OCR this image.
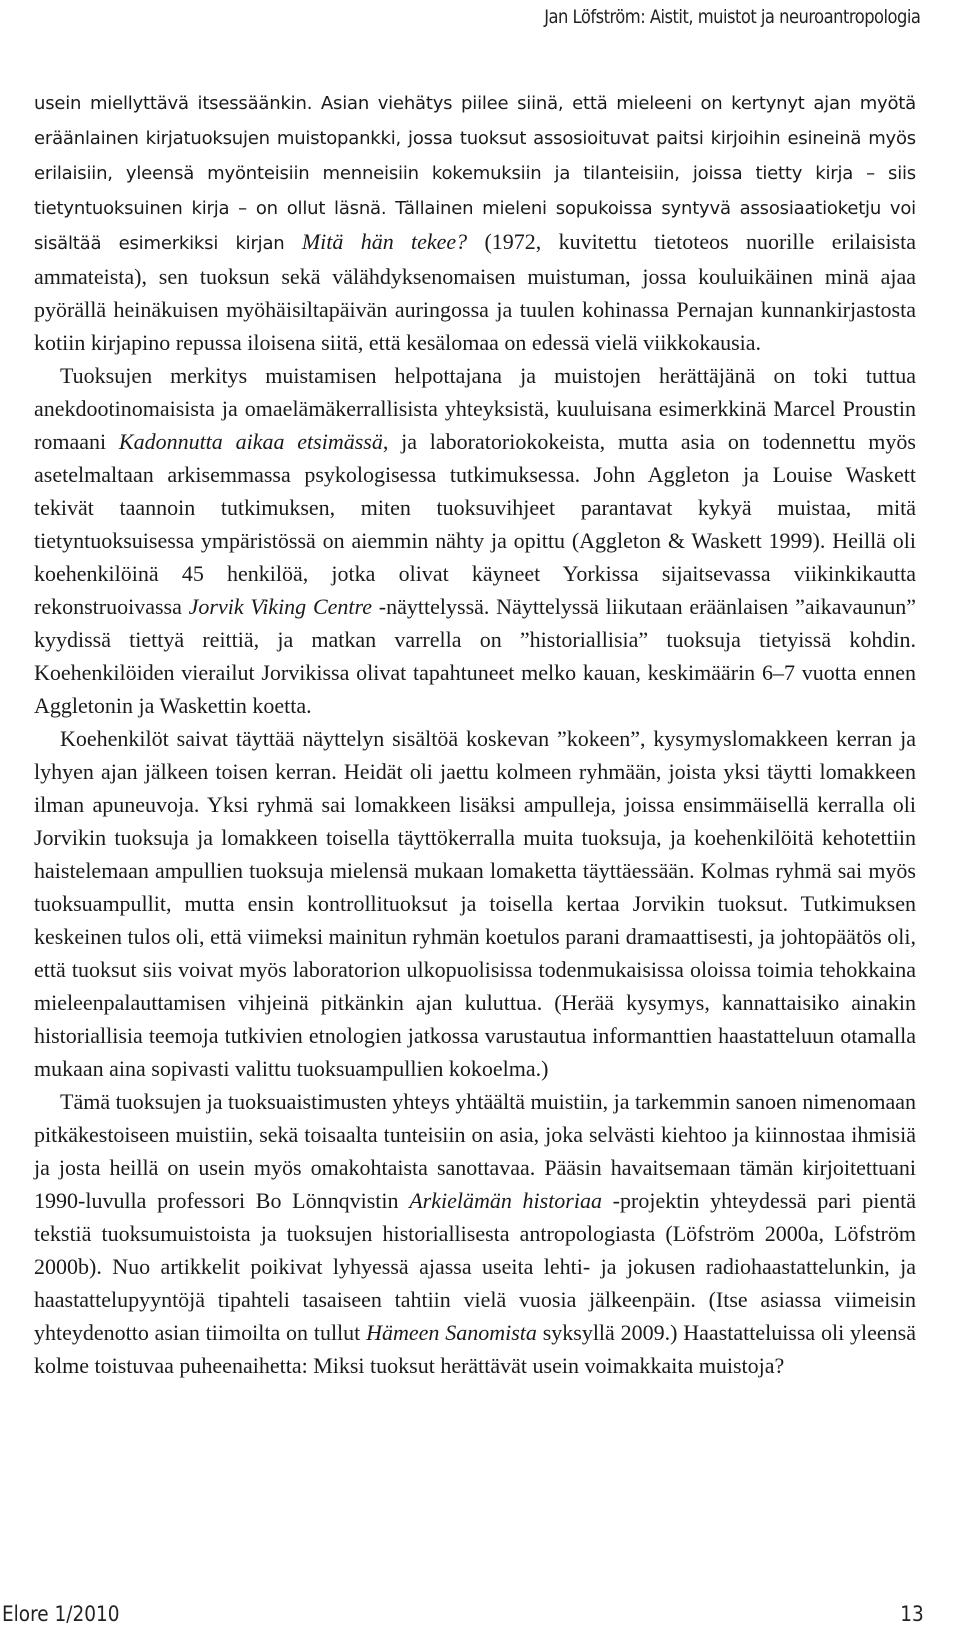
Jan Löfström: Aistit, muistot ja neuroantropologia

usein miellyttävä itsessäänkin. Asian viehätys piilee siinä, että mieleeni on kertynyt ajan myötä eräänlainen kirjatuoksujen muistopankki, jossa tuoksut assosioituvat paitsi kirjoihin esineinä myös erilaisiin, yleensä myönteisiin menneisiin kokemuksiin ja tilanteisiin, joissa tietty kirja – siis tietyntuoksuinen kirja – on ollut läsnä. Tällainen mieleni sopukoissa syntyvä assosiaatioketju voi sisältää esimerkiksi kirjan Mitä hän tekee? (1972, kuvitettu tietoteos nuorille erilaisista ammateista), sen tuoksun sekä välähdyksenomaisen muistuman, jossa kouluikäinen minä ajaa pyörällä heinäkuisen myöhäisiltapäivän auringossa ja tuulen kohinassa Pernajan kunnankirjastosta kotiin kirjapino repussa iloisena siitä, että kesälomaa on edessä vielä viikkokausia.

Tuoksujen merkitys muistamisen helpottajana ja muistojen herättäjänä on toki tuttua anekdootinomaisista ja omaelämäkerrallisista yhteyksistä, kuuluisana esimerkkinä Marcel Proustin romaani Kadonnutta aikaa etsimässä, ja laboratoriokokeista, mutta asia on todennettu myös asetelmaltaan arkisemmassa psykologisessa tutkimuksessa. John Aggleton ja Louise Waskett tekivät taannoin tutkimuksen, miten tuoksuvihjeet parantavat kykyä muistaa, mitä tietyntuoksuisessa ympäristössä on aiemmin nähty ja opittu (Aggleton & Waskett 1999). Heillä oli koehenkilöinä 45 henkilöä, jotka olivat käyneet Yorkissa sijaitsevassa viikinkikautta rekonstruoivassa Jorvik Viking Centre -näyttelyssä. Näyttelyssä liikutaan eräänlaisen ”aikavaunun” kyydissä tiettyä reittiä, ja matkan varrella on ”historiallisia” tuoksuja tietyissä kohdin. Koehenkilöiden vierailut Jorvikissa olivat tapahtuneet melko kauan, keskimäärin 6–7 vuotta ennen Aggletonin ja Waskettin koetta.

Koehenkilöt saivat täyttää näyttelyn sisältöä koskevan ”kokeen”, kysymyslomakkeen kerran ja lyhyen ajan jälkeen toisen kerran. Heidät oli jaettu kolmeen ryhmään, joista yksi täytti lomakkeen ilman apuneuvoja. Yksi ryhmä sai lomakkeen lisäksi ampulleja, joissa ensimmäisellä kerralla oli Jorvikin tuoksuja ja lomakkeen toisella täyttökerralla muita tuoksuja, ja koehenkilöitä kehotettiin haistelemaan ampullien tuoksuja mielensä mukaan lomaketta täyttäessään. Kolmas ryhmä sai myös tuoksuampullit, mutta ensin kontrollituoksut ja toisella kertaa Jorvikin tuoksut. Tutkimuksen keskeinen tulos oli, että viimeksi mainitun ryhmän koetulos parani dramaattisesti, ja johtopäätös oli, että tuoksut siis voivat myös laboratorion ulkopuolisissa todenmukaisissa oloissa toimia tehokkaina mieleenpalauttamisen vihjeinä pitkänkin ajan kuluttua. (Herää kysymys, kannattaisiko ainakin historiallisia teemoja tutkivien etnologien jatkossa varustautua informanttien haastatteluun otamalla mukaan aina sopivasti valittu tuoksuampullien kokoelma.)

Tämä tuoksujen ja tuoksuaistimusten yhteys yhtäältä muistiin, ja tarkemmin sanoen nimenomaan pitkäkestoiseen muistiin, sekä toisaalta tunteisiin on asia, joka selvästi kiehtoo ja kiinnostaa ihmisiä ja josta heillä on usein myös omakohtaista sanottavaa. Pääsin havaitsemaan tämän kirjoitettuani 1990-luvulla professori Bo Lönnqvistin Arkielämän historiaa -projektin yhteydessä pari pientä tekstiä tuoksumuistoista ja tuoksujen historiallisesta antropologiasta (Löfström 2000a, Löfström 2000b). Nuo artikkelit poikivat lyhyessä ajassa useita lehti- ja jokusen radiohaastattelunkin, ja haastattelupyyntöjä tipahteli tasaiseen tahtiin vielä vuosia jälkeenpäin. (Itse asiassa viimeisin yhteydenotto asian tiimoilta on tullut Hämeen Sanomista syksyllä 2009.) Haastatteluissa oli yleensä kolme toistuvaa puheenaihetta: Miksi tuoksut herättävät usein voimakkaita muistoja?

Elore 1/2010	13
